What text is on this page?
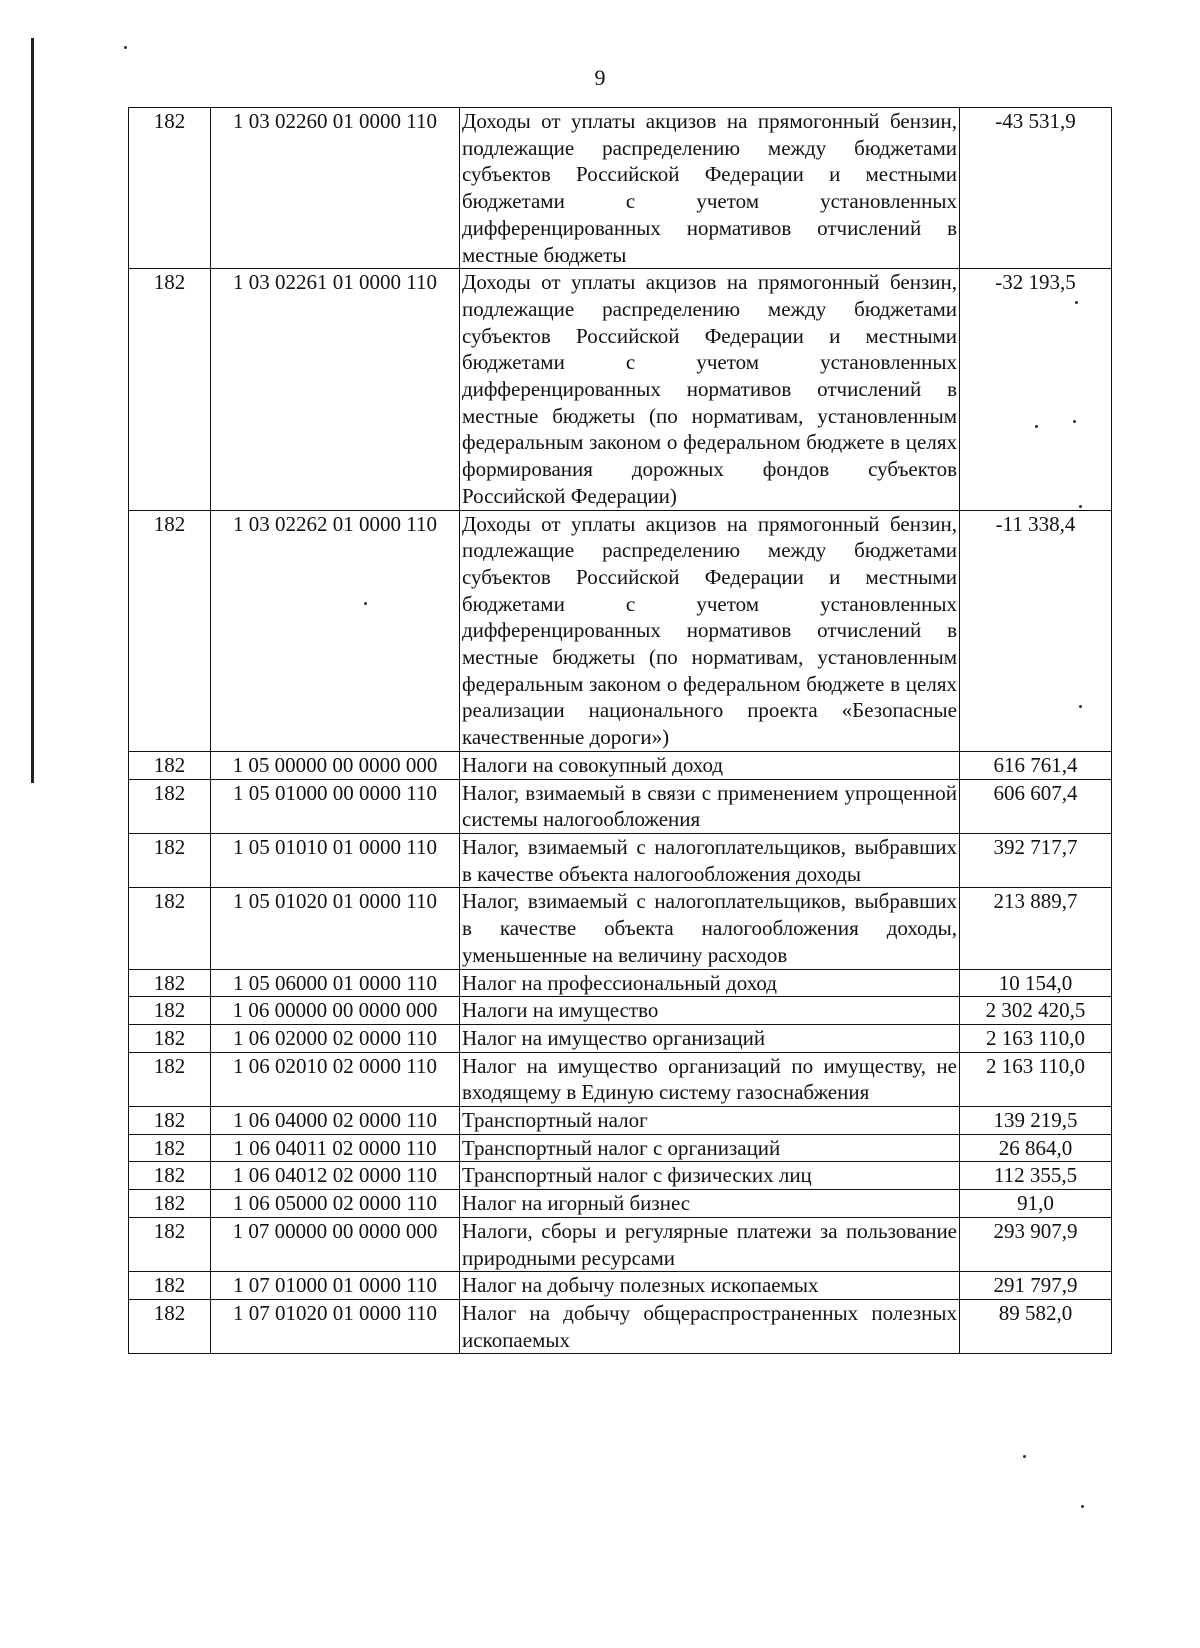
9
182	1 03 02260 01 0000 110	Доходы от уплаты акцизов на прямогонный бензин, подлежащие распределению между бюджетами субъектов Российской Федерации и местными бюджетами с учетом установленных дифференцированных нормативов отчислений в местные бюджеты	-43 531,9
182	1 03 02261 01 0000 110	Доходы от уплаты акцизов на прямогонный бензин, подлежащие распределению между бюджетами субъектов Российской Федерации и местными бюджетами с учетом установленных дифференцированных нормативов отчислений в местные бюджеты (по нормативам, установленным федеральным законом о федеральном бюджете в целях формирования дорожных фондов субъектов Российской Федерации)	-32 193,5
182	1 03 02262 01 0000 110	Доходы от уплаты акцизов на прямогонный бензин, подлежащие распределению между бюджетами субъектов Российской Федерации и местными бюджетами с учетом установленных дифференцированных нормативов отчислений в местные бюджеты (по нормативам, установленным федеральным законом о федеральном бюджете в целях реализации национального проекта «Безопасные качественные дороги»)	-11 338,4
182	1 05 00000 00 0000 000	Налоги на совокупный доход	616 761,4
182	1 05 01000 00 0000 110	Налог, взимаемый в связи с применением упрощенной системы налогообложения	606 607,4
182	1 05 01010 01 0000 110	Налог, взимаемый с налогоплательщиков, выбравших в качестве объекта налогообложения доходы	392 717,7
182	1 05 01020 01 0000 110	Налог, взимаемый с налогоплательщиков, выбравших в качестве объекта налогообложения доходы, уменьшенные на величину расходов	213 889,7
182	1 05 06000 01 0000 110	Налог на профессиональный доход	10 154,0
182	1 06 00000 00 0000 000	Налоги на имущество	2 302 420,5
182	1 06 02000 02 0000 110	Налог на имущество организаций	2 163 110,0
182	1 06 02010 02 0000 110	Налог на имущество организаций по имуществу, не входящему в Единую систему газоснабжения	2 163 110,0
182	1 06 04000 02 0000 110	Транспортный налог	139 219,5
182	1 06 04011 02 0000 110	Транспортный налог с организаций	26 864,0
182	1 06 04012 02 0000 110	Транспортный налог с физических лиц	112 355,5
182	1 06 05000 02 0000 110	Налог на игорный бизнес	91,0
182	1 07 00000 00 0000 000	Налоги, сборы и регулярные платежи за пользование природными ресурсами	293 907,9
182	1 07 01000 01 0000 110	Налог на добычу полезных ископаемых	291 797,9
182	1 07 01020 01 0000 110	Налог на добычу общераспространенных полезных ископаемых	89 582,0
